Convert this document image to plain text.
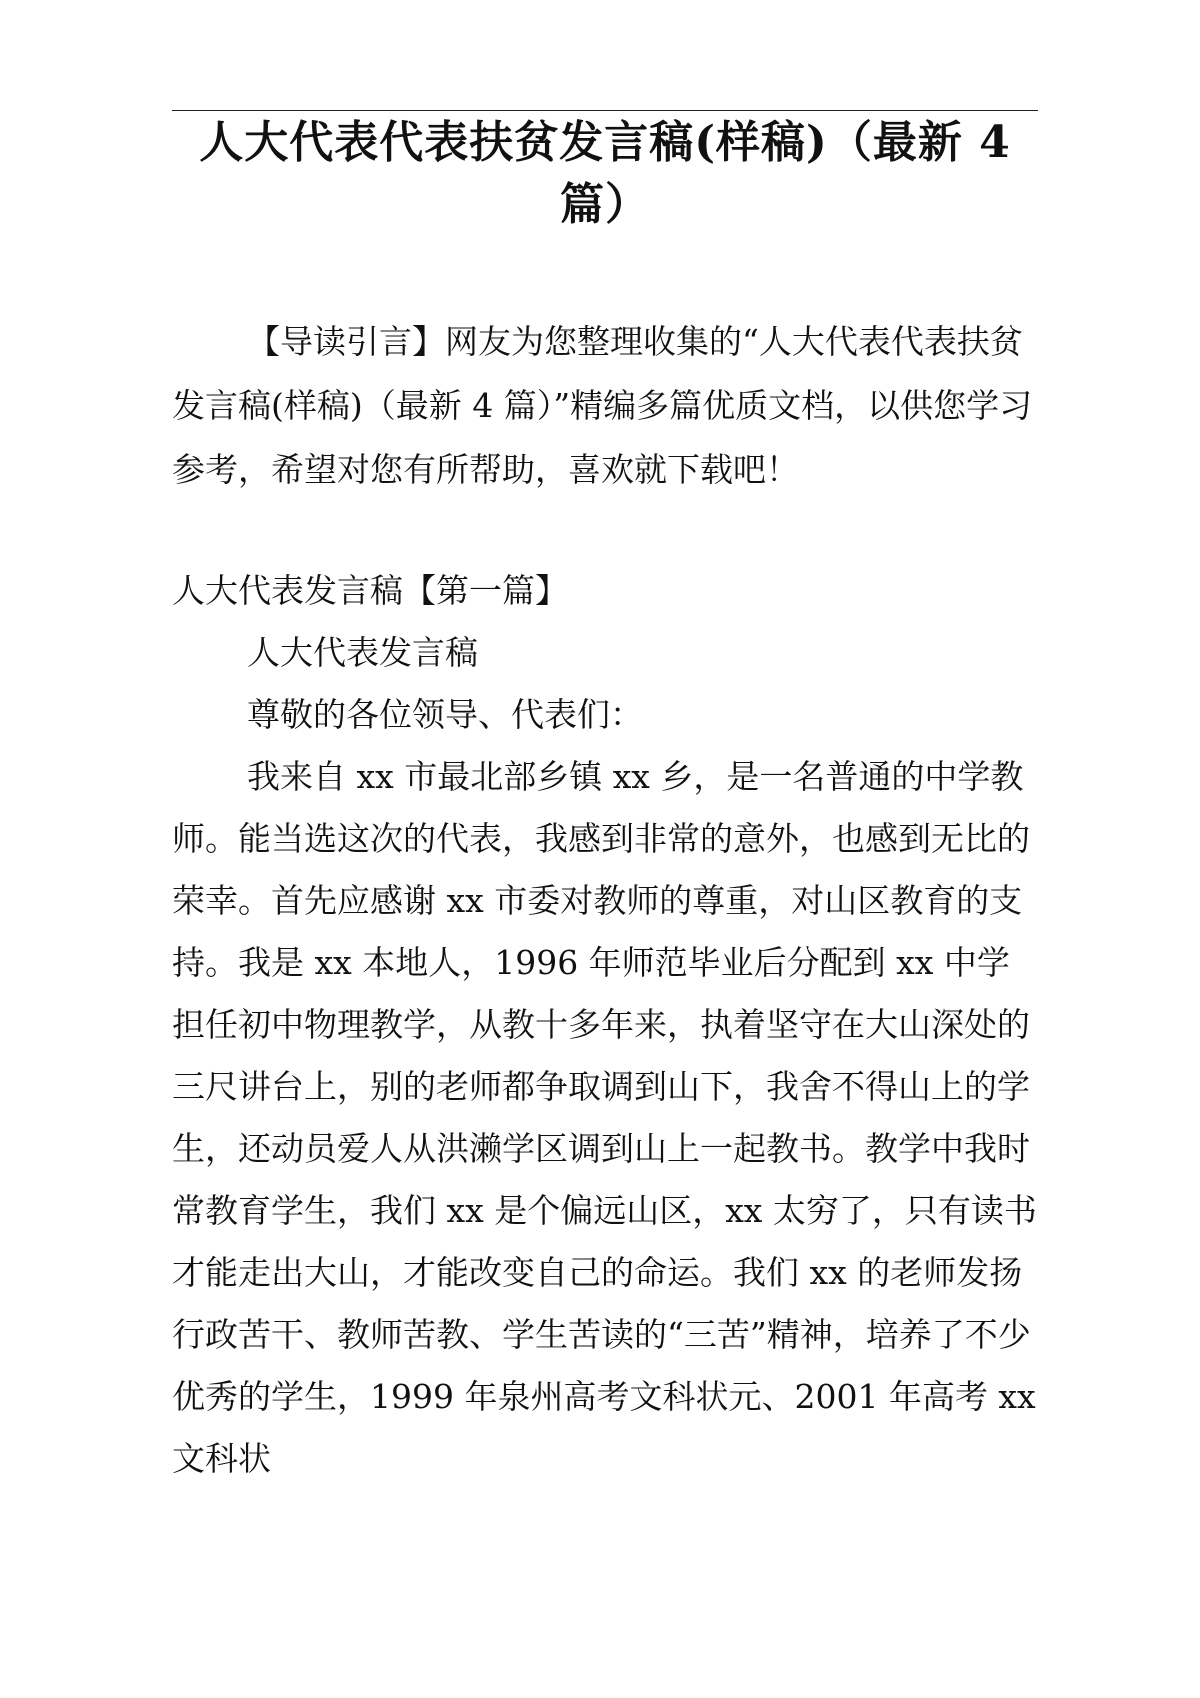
人大代表代表扶贫发言稿(样稿)（最新 4 篇）

【导读引言】网友为您整理收集的“人大代表代表扶贫发言稿(样稿)（最新 4 篇）”精编多篇优质文档，以供您学习参考，希望对您有所帮助，喜欢就下载吧！

人大代表发言稿【第一篇】

人大代表发言稿

尊敬的各位领导、代表们：

我来自 xx 市最北部乡镇 xx 乡，是一名普通的中学教师。能当选这次的代表，我感到非常的意外，也感到无比的荣幸。首先应感谢 xx 市委对教师的尊重，对山区教育的支持。我是 xx 本地人，1996 年师范毕业后分配到 xx 中学担任初中物理教学，从教十多年来，执着坚守在大山深处的三尺讲台上，别的老师都争取调到山下，我舍不得山上的学生，还动员爱人从洪濑学区调到山上一起教书。教学中我时常教育学生，我们 xx 是个偏远山区，xx 太穷了，只有读书才能走出大山，才能改变自己的命运。我们 xx 的老师发扬行政苦干、教师苦教、学生苦读的“三苦”精神，培养了不少优秀的学生，1999 年泉州高考文科状元、2001 年高考 xx 文科状
